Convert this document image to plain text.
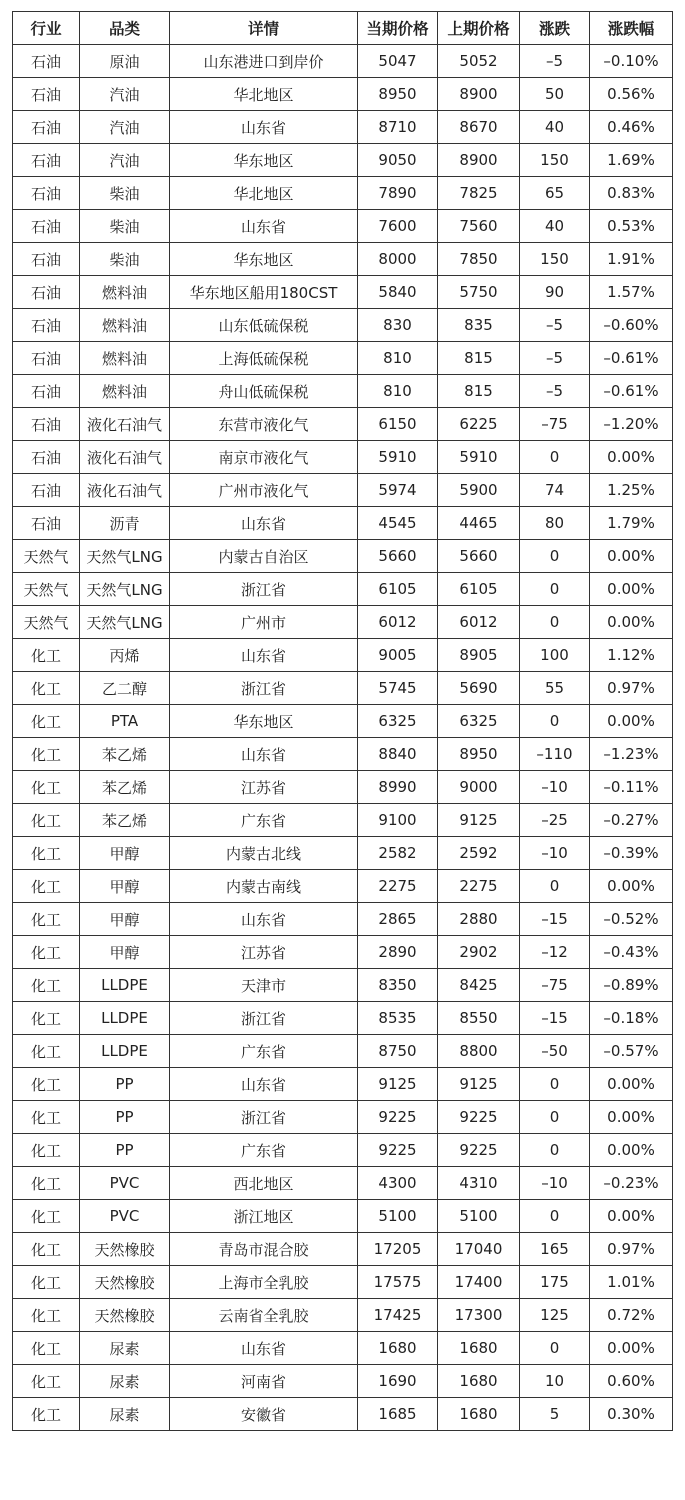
行业	品类	详情	当期价格	上期价格	涨跌	涨跌幅
石油	原油	山东港进口到岸价	5047	5052	–5	–0.10%
石油	汽油	华北地区	8950	8900	50	0.56%
石油	汽油	山东省	8710	8670	40	0.46%
石油	汽油	华东地区	9050	8900	150	1.69%
石油	柴油	华北地区	7890	7825	65	0.83%
石油	柴油	山东省	7600	7560	40	0.53%
石油	柴油	华东地区	8000	7850	150	1.91%
石油	燃料油	华东地区船用180CST	5840	5750	90	1.57%
石油	燃料油	山东低硫保税	830	835	–5	–0.60%
石油	燃料油	上海低硫保税	810	815	–5	–0.61%
石油	燃料油	舟山低硫保税	810	815	–5	–0.61%
石油	液化石油气	东营市液化气	6150	6225	–75	–1.20%
石油	液化石油气	南京市液化气	5910	5910	0	0.00%
石油	液化石油气	广州市液化气	5974	5900	74	1.25%
石油	沥青	山东省	4545	4465	80	1.79%
天然气	天然气LNG	内蒙古自治区	5660	5660	0	0.00%
天然气	天然气LNG	浙江省	6105	6105	0	0.00%
天然气	天然气LNG	广州市	6012	6012	0	0.00%
化工	丙烯	山东省	9005	8905	100	1.12%
化工	乙二醇	浙江省	5745	5690	55	0.97%
化工	PTA	华东地区	6325	6325	0	0.00%
化工	苯乙烯	山东省	8840	8950	–110	–1.23%
化工	苯乙烯	江苏省	8990	9000	–10	–0.11%
化工	苯乙烯	广东省	9100	9125	–25	–0.27%
化工	甲醇	内蒙古北线	2582	2592	–10	–0.39%
化工	甲醇	内蒙古南线	2275	2275	0	0.00%
化工	甲醇	山东省	2865	2880	–15	–0.52%
化工	甲醇	江苏省	2890	2902	–12	–0.43%
化工	LLDPE	天津市	8350	8425	–75	–0.89%
化工	LLDPE	浙江省	8535	8550	–15	–0.18%
化工	LLDPE	广东省	8750	8800	–50	–0.57%
化工	PP	山东省	9125	9125	0	0.00%
化工	PP	浙江省	9225	9225	0	0.00%
化工	PP	广东省	9225	9225	0	0.00%
化工	PVC	西北地区	4300	4310	–10	–0.23%
化工	PVC	浙江地区	5100	5100	0	0.00%
化工	天然橡胶	青岛市混合胶	17205	17040	165	0.97%
化工	天然橡胶	上海市全乳胶	17575	17400	175	1.01%
化工	天然橡胶	云南省全乳胶	17425	17300	125	0.72%
化工	尿素	山东省	1680	1680	0	0.00%
化工	尿素	河南省	1690	1680	10	0.60%
化工	尿素	安徽省	1685	1680	5	0.30%
